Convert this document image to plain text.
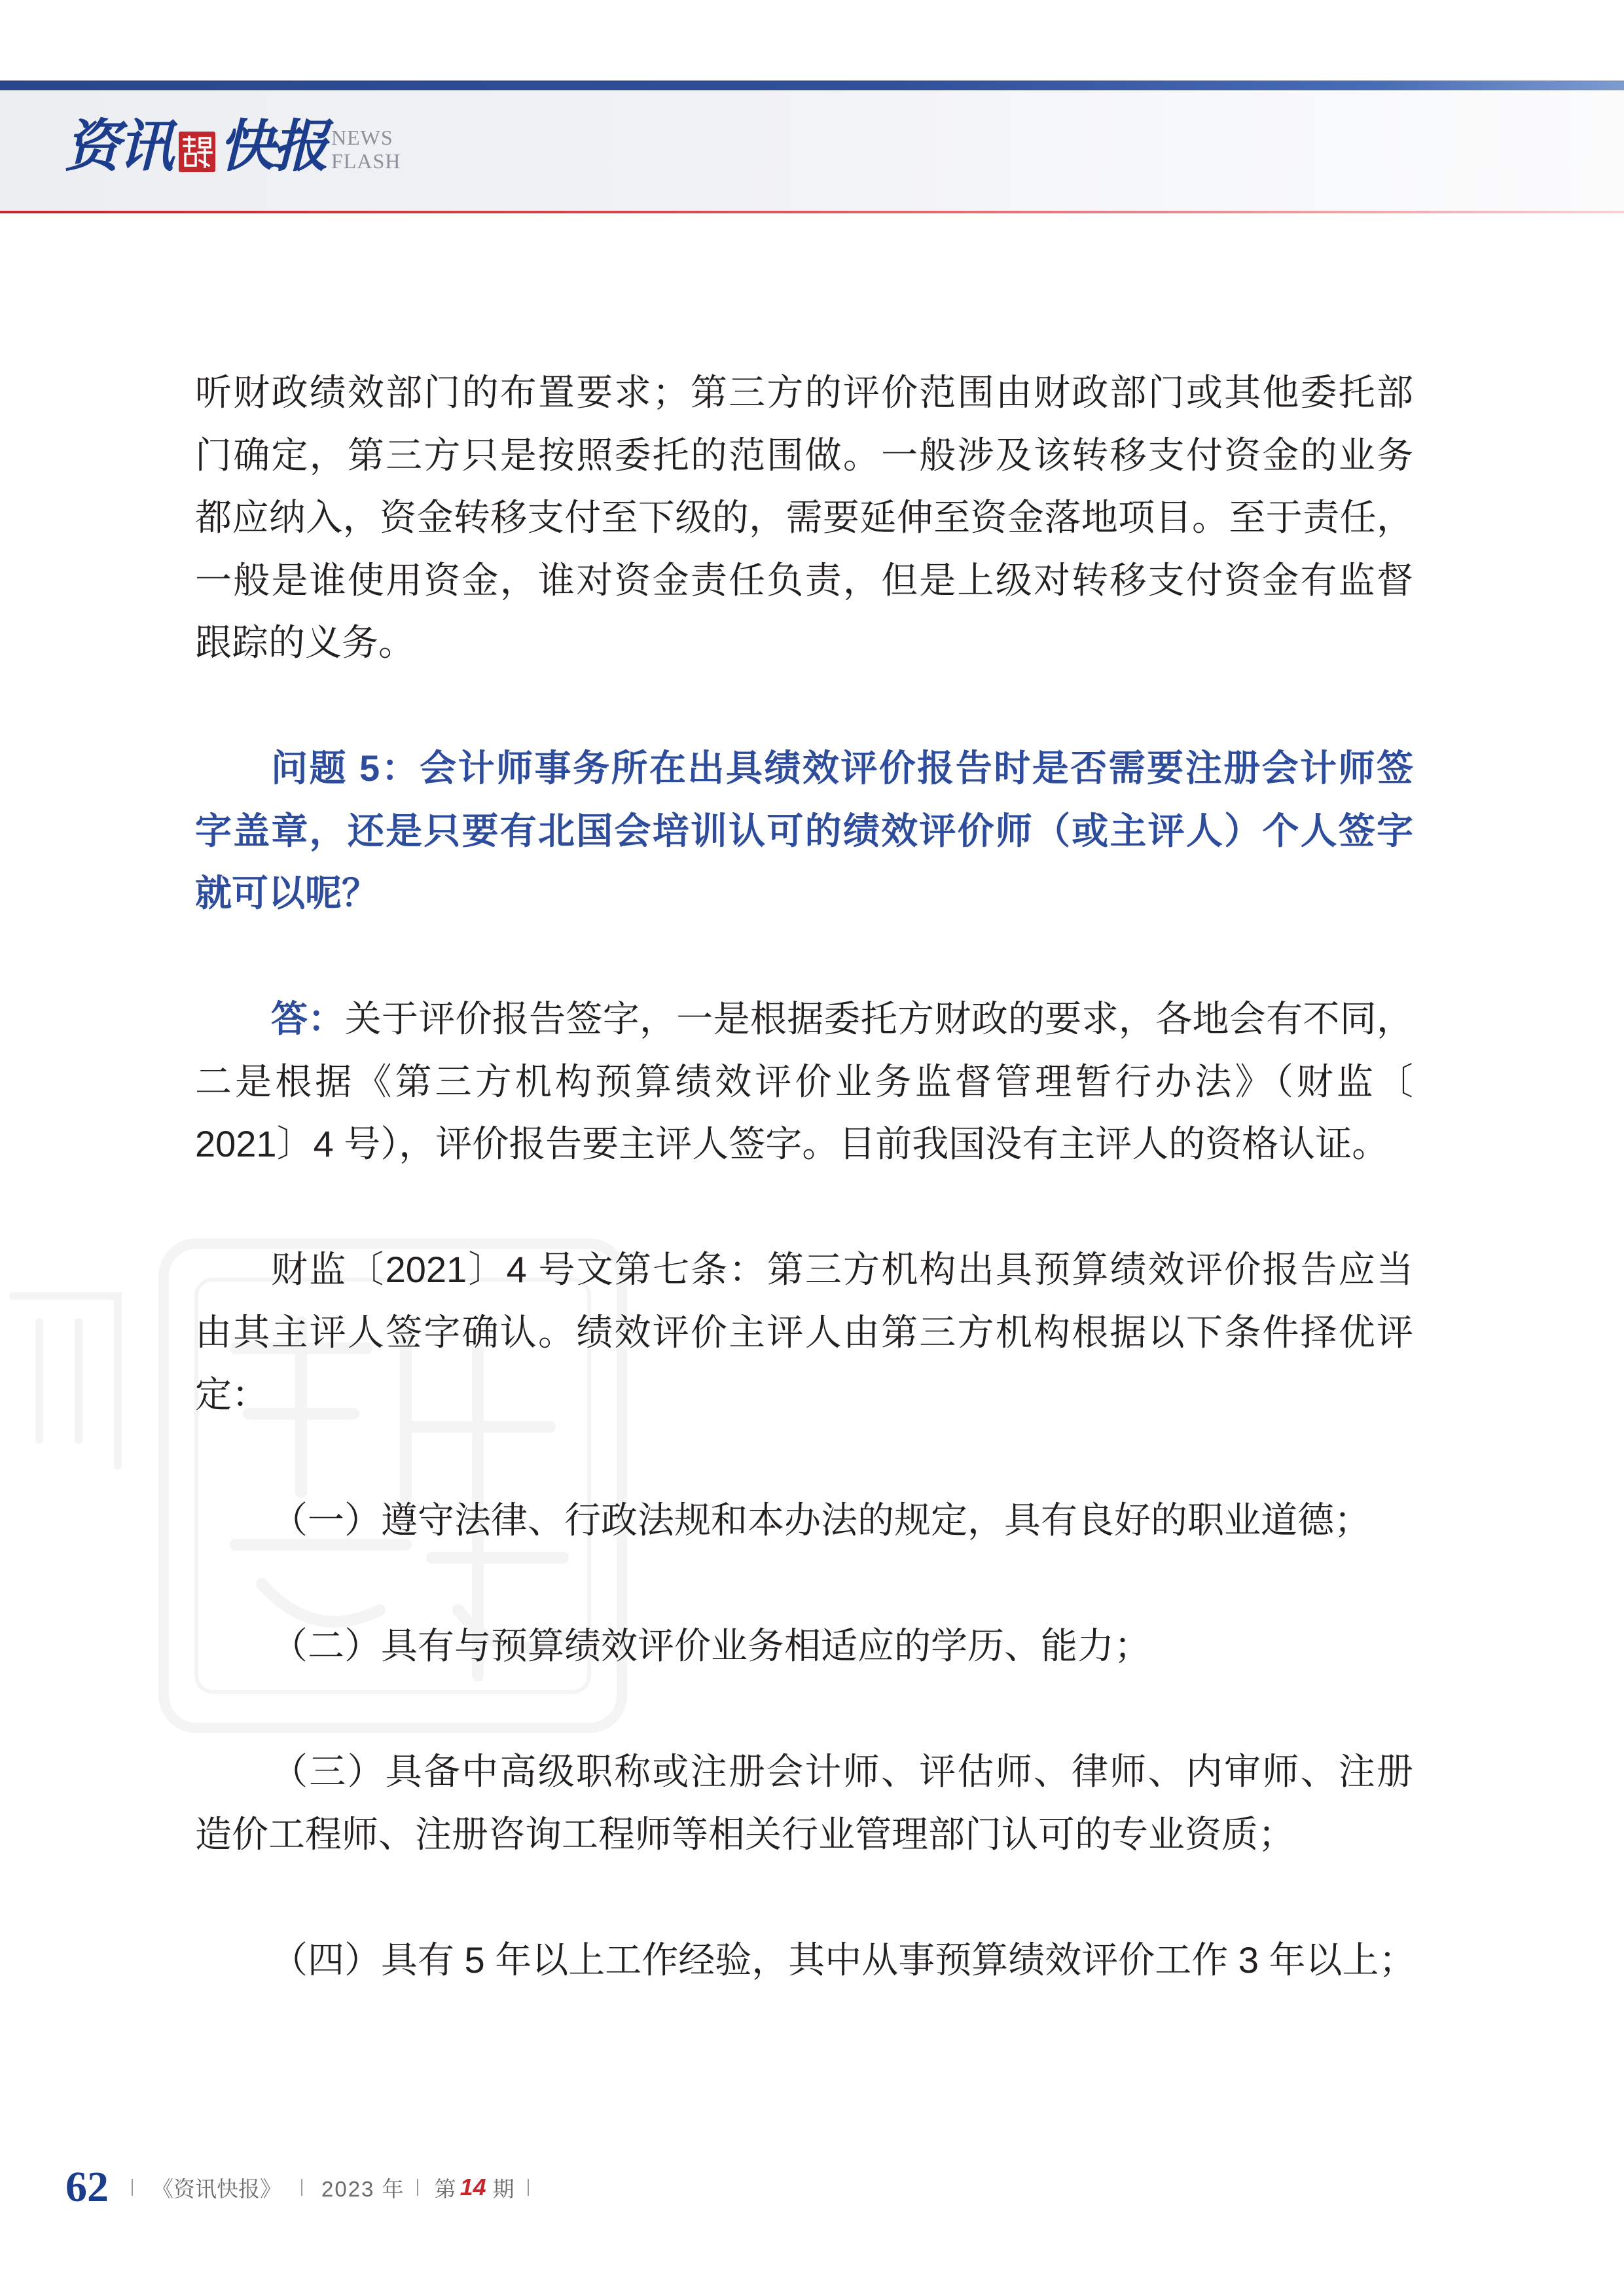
资讯 快报 NEWS
FLASH
听财政绩效部门的布置要求；第三方的评价范围由财政部门或其他委托部
门确定，第三方只是按照委托的范围做。一般涉及该转移支付资金的业务
都应纳入，资金转移支付至下级的，需要延伸至资金落地项目。至于责任，
一般是谁使用资金，谁对资金责任负责，但是上级对转移支付资金有监督
跟踪的义务。
问题 5：会计师事务所在出具绩效评价报告时是否需要注册会计师签
字盖章，还是只要有北国会培训认可的绩效评价师（或主评人）个人签字
就可以呢？
答：关于评价报告签字，一是根据委托方财政的要求，各地会有不同，
二是根据《第三方机构预算绩效评价业务监督管理暂行办法》（财监〔
2021〕4 号），评价报告要主评人签字。目前我国没有主评人的资格认证。
财监〔2021〕4 号文第七条：第三方机构出具预算绩效评价报告应当
由其主评人签字确认。绩效评价主评人由第三方机构根据以下条件择优评
定：
（一）遵守法律、行政法规和本办法的规定，具有良好的职业道德；
（二）具有与预算绩效评价业务相适应的学历、能力；
（三）具备中高级职称或注册会计师、评估师、律师、内审师、注册
造价工程师、注册咨询工程师等相关行业管理部门认可的专业资质；
（四）具有 5 年以上工作经验，其中从事预算绩效评价工作 3 年以上；
62 《资讯快报》 2023 年 第 14 期
